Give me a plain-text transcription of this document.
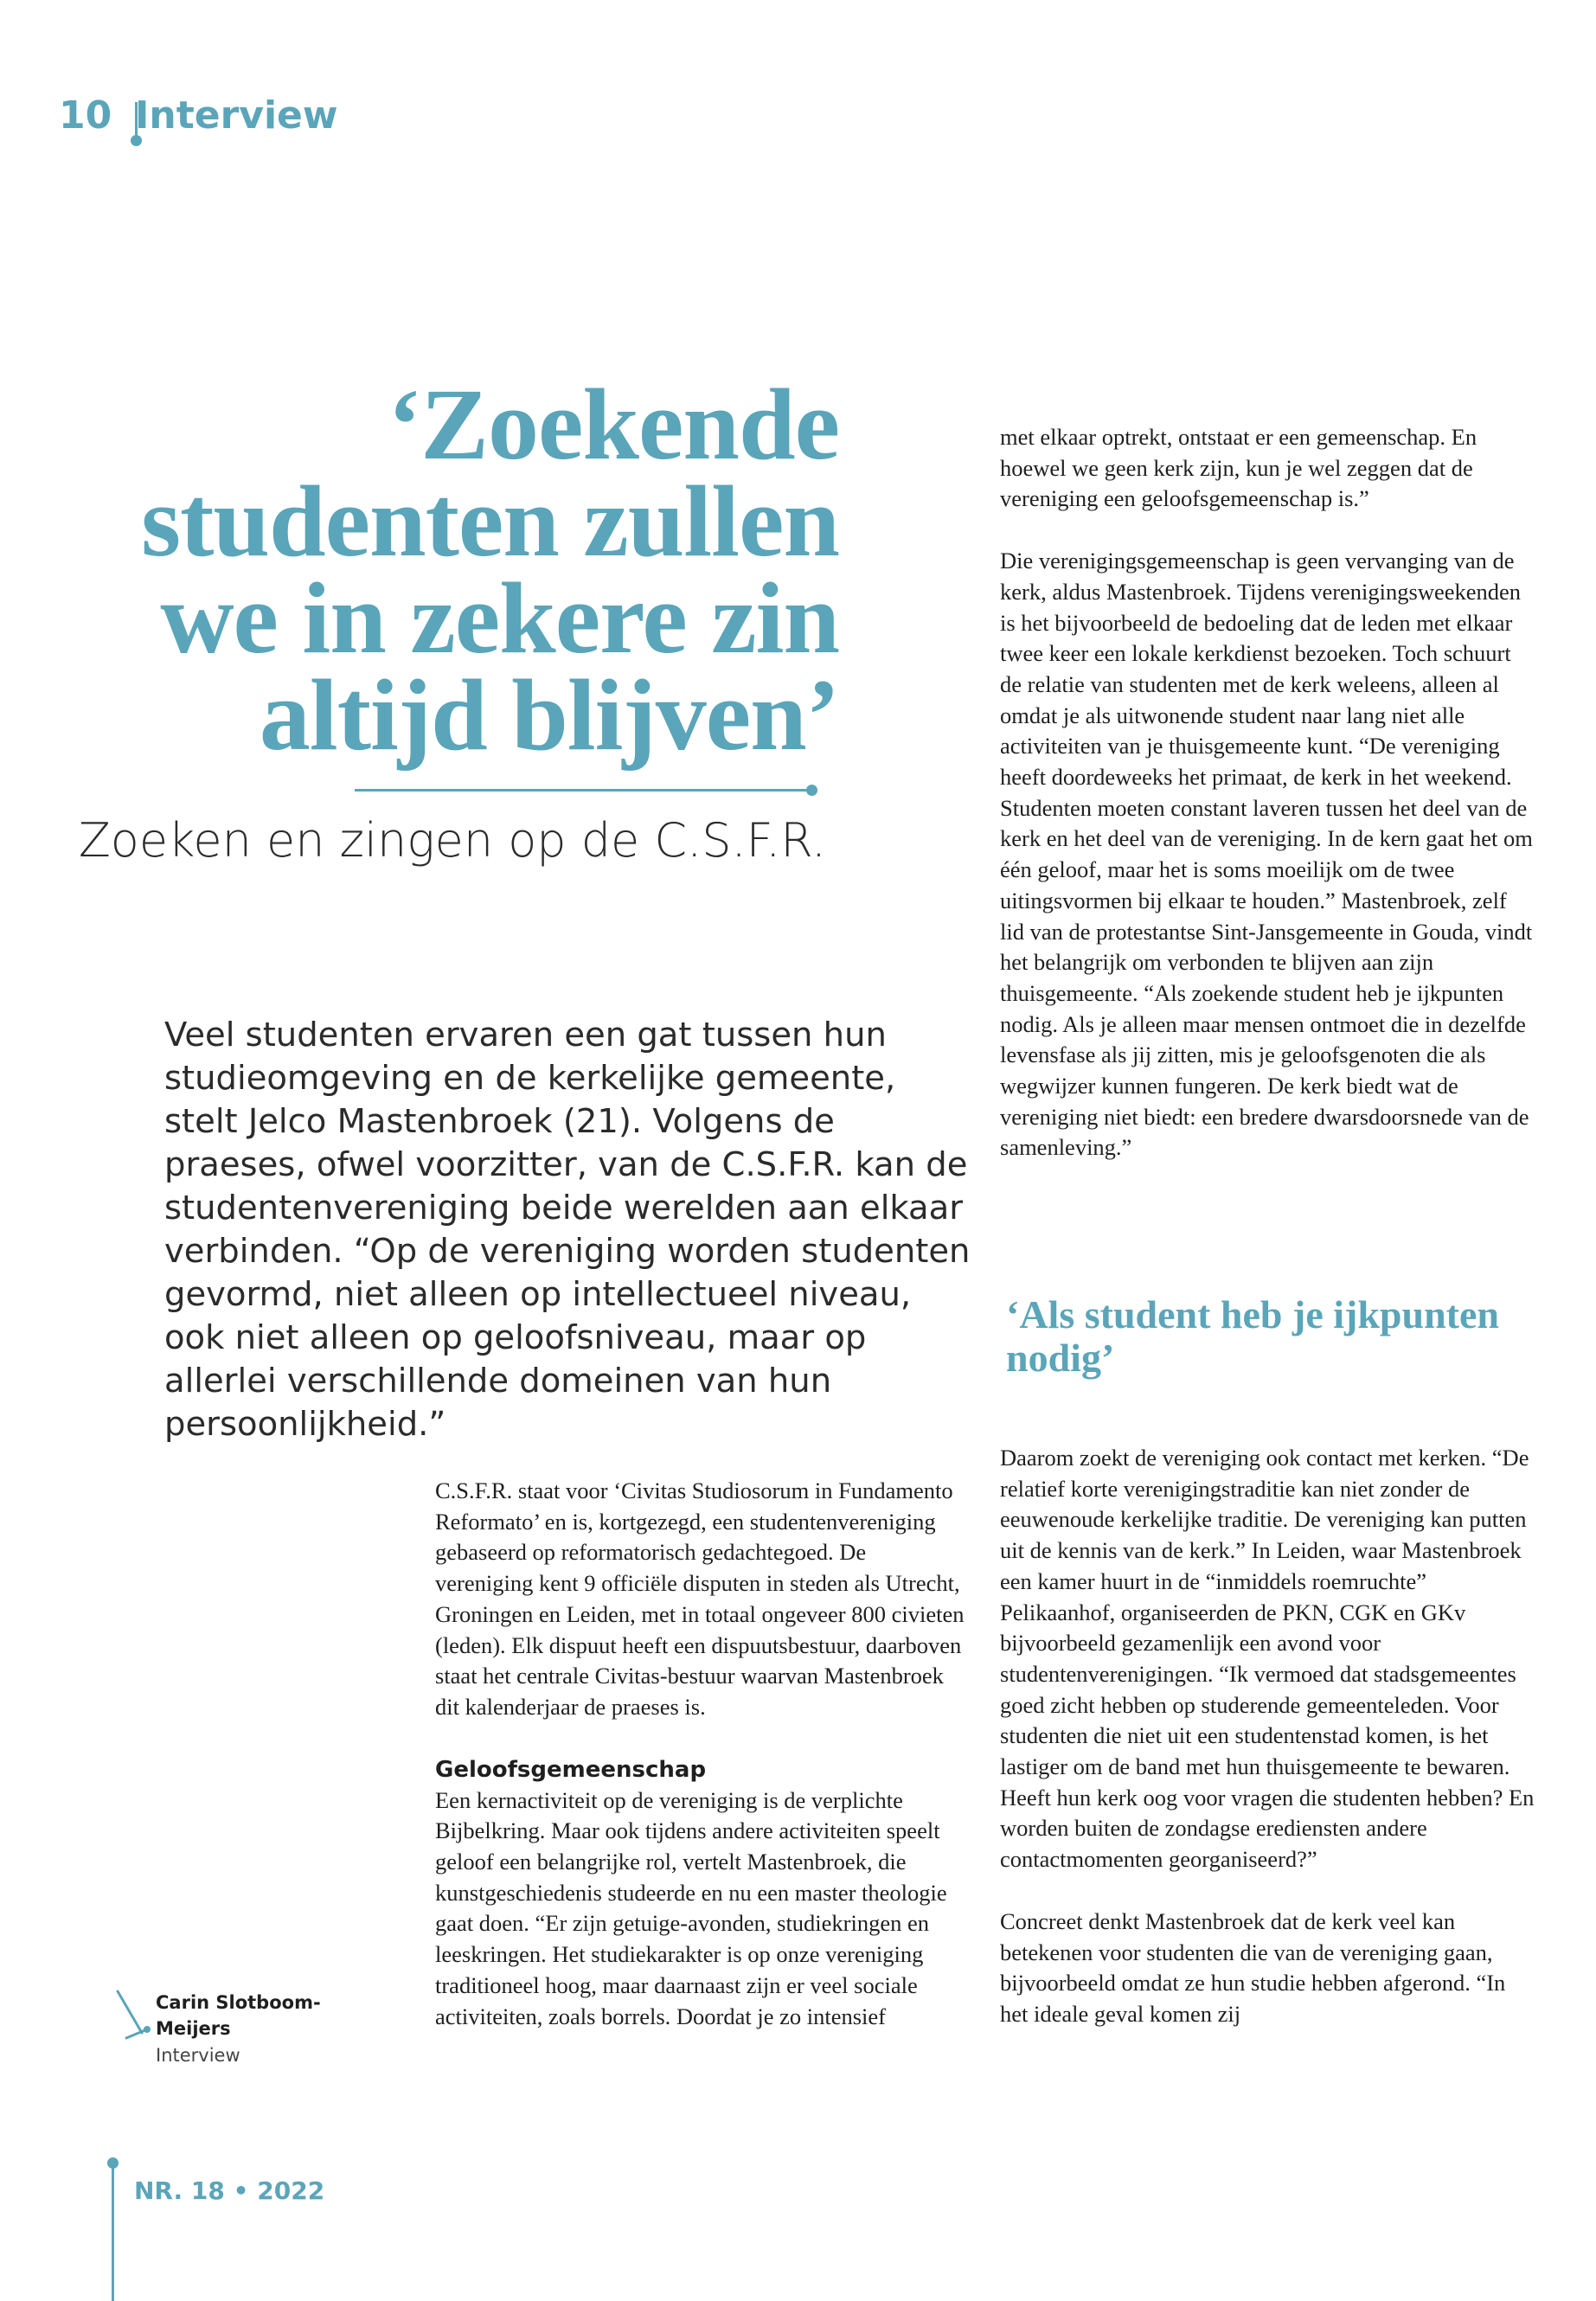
10 Interview
‘Zoekende
studenten zullen
we in zekere zin
altijd blijven’
Zoeken en zingen op de C.S.F.R.
Veel studenten ervaren een gat tussen hun studieomgeving en de kerkelijke gemeente, stelt Jelco Mastenbroek (21). Volgens de praeses, ofwel voorzitter, van de C.S.F.R. kan de studentenvereniging beide werelden aan elkaar verbinden. “Op de vereniging worden studenten gevormd, niet alleen op intellectueel niveau, ook niet alleen op geloofsniveau, maar op allerlei verschillende domeinen van hun persoonlijkheid.”

C.S.F.R. staat voor ‘Civitas Studiosorum in Fundamento Reformato’ en is, kortgezegd, een studentenvereniging gebaseerd op reformatorisch gedachtegoed. De vereniging kent 9 officiële disputen in steden als Utrecht, Groningen en Leiden, met in totaal ongeveer 800 civieten (leden). Elk dispuut heeft een dispuutsbestuur, daarboven staat het centrale Civitas-bestuur waarvan Mastenbroek dit kalenderjaar de praeses is.

Geloofsgemeenschap

Een kernactiviteit op de vereniging is de verplichte Bijbelkring. Maar ook tijdens andere activiteiten speelt geloof een belangrijke rol, vertelt Mastenbroek, die kunstgeschiedenis studeerde en nu een master theologie gaat doen. “Er zijn getuige-avonden, studiekringen en leeskringen. Het studiekarakter is op onze vereniging traditioneel hoog, maar daarnaast zijn er veel sociale activiteiten, zoals borrels. Doordat je zo intensief

met elkaar optrekt, ontstaat er een gemeenschap. En hoewel we geen kerk zijn, kun je wel zeggen dat de vereniging een geloofsgemeenschap is.”

Die verenigingsgemeenschap is geen vervanging van de kerk, aldus Mastenbroek. Tijdens verenigingsweekenden is het bijvoorbeeld de bedoeling dat de leden met elkaar twee keer een lokale kerkdienst bezoeken. Toch schuurt de relatie van studenten met de kerk weleens, alleen al omdat je als uitwonende student naar lang niet alle activiteiten van je thuisgemeente kunt. “De vereniging heeft doordeweeks het primaat, de kerk in het weekend. Studenten moeten constant laveren tussen het deel van de kerk en het deel van de vereniging. In de kern gaat het om één geloof, maar het is soms moeilijk om de twee uitingsvormen bij elkaar te houden.” Mastenbroek, zelf lid van de protestantse Sint-Jansgemeente in Gouda, vindt het belangrijk om verbonden te blijven aan zijn thuisgemeente. “Als zoekende student heb je ijkpunten nodig. Als je alleen maar mensen ontmoet die in dezelfde levensfase als jij zitten, mis je geloofsgenoten die als wegwijzer kunnen fungeren. De kerk biedt wat de vereniging niet biedt: een bredere dwarsdoorsnede van de samenleving.”

‘Als student heb je ijkpunten nodig’

Daarom zoekt de vereniging ook contact met kerken. “De relatief korte verenigingstraditie kan niet zonder de eeuwenoude kerkelijke traditie. De vereniging kan putten uit de kennis van de kerk.” In Leiden, waar Mastenbroek een kamer huurt in de “inmiddels roemruchte” Pelikaanhof, organiseerden de PKN, CGK en GKv bijvoorbeeld gezamenlijk een avond voor studentenverenigingen. “Ik vermoed dat stadsgemeentes goed zicht hebben op studerende gemeenteleden. Voor studenten die niet uit een studentenstad komen, is het lastiger om de band met hun thuisgemeente te bewaren. Heeft hun kerk oog voor vragen die studenten hebben? En worden buiten de zondagse erediensten andere contactmomenten georganiseerd?”

Concreet denkt Mastenbroek dat de kerk veel kan betekenen voor studenten die van de vereniging gaan, bijvoorbeeld omdat ze hun studie hebben afgerond. “In het ideale geval komen zij

Carin Slotboom-Meijers
Interview
NR. 18 • 2022
